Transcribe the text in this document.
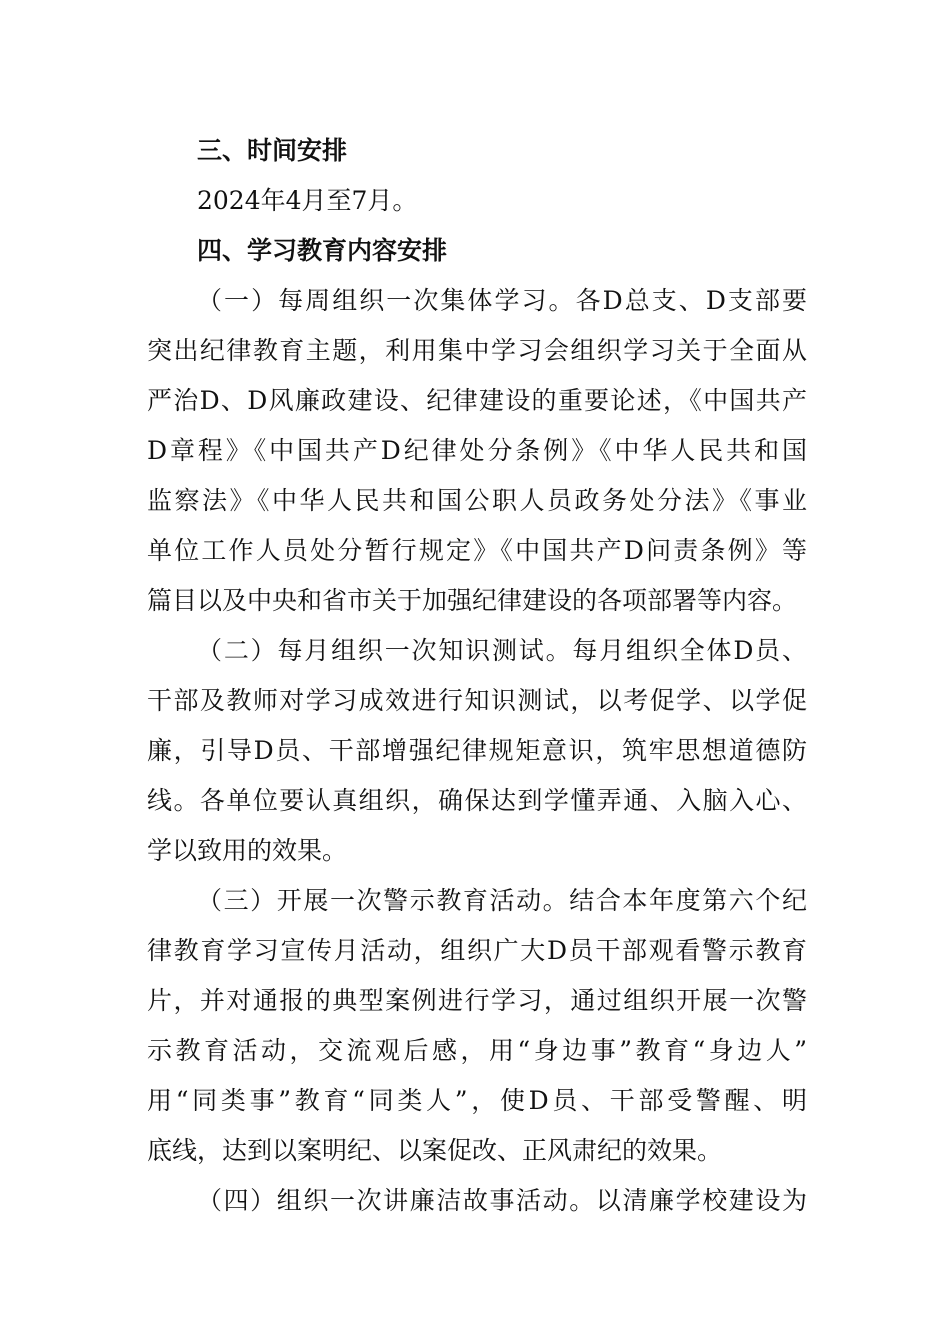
三、时间安排
2024年4月至7月。
四、学习教育内容安排
（一）每周组织一次集体学习。各D总支、D支部要
突出纪律教育主题，利用集中学习会组织学习关于全面从
严治D、D风廉政建设、纪律建设的重要论述，《中国共产
D章程》《中国共产D纪律处分条例》《中华人民共和国
监察法》《中华人民共和国公职人员政务处分法》《事业
单位工作人员处分暂行规定》《中国共产D问责条例》等
篇目以及中央和省市关于加强纪律建设的各项部署等内容。
（二）每月组织一次知识测试。每月组织全体D员、
干部及教师对学习成效进行知识测试，以考促学、以学促
廉，引导D员、干部增强纪律规矩意识，筑牢思想道德防
线。各单位要认真组织，确保达到学懂弄通、入脑入心、
学以致用的效果。
（三）开展一次警示教育活动。结合本年度第六个纪
律教育学习宣传月活动，组织广大D员干部观看警示教育
片，并对通报的典型案例进行学习，通过组织开展一次警
示教育活动，交流观后感，用“身边事”教育“身边人”
用“同类事”教育“同类人”，使D员、干部受警醒、明
底线，达到以案明纪、以案促改、正风肃纪的效果。
（四）组织一次讲廉洁故事活动。以清廉学校建设为
